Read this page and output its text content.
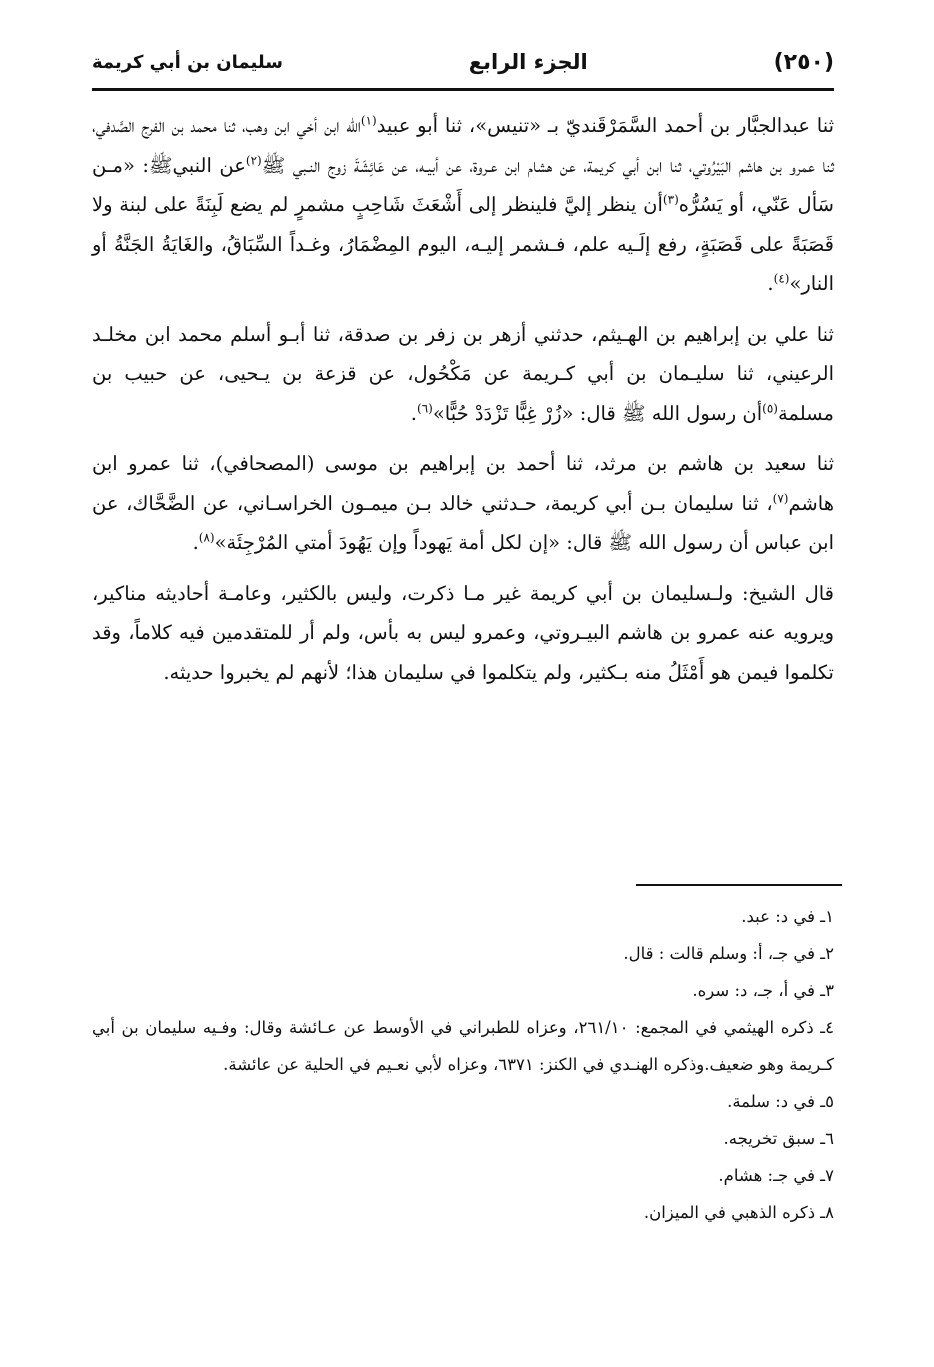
(٢٥٠)
الجزء الرابع
سليمان بن أبي كريمة

ثنا عبدالجبَّار بن أحمد السَّمَرْقَنديّ بـ «تنيس»، ثنا أبو عبيد$^{(١)}$الله ابن أخي ابن وهب، ثنا محمد بن الفرج الصَّدفي، ثنا عمرو بن هاشم البَيْرُوتي، ثنا ابن أبي كريمة، عن هشام ابن عـروة، عن أبيـه، عن عَائِشَةَ زوج النـبي ﷺ$^{(٢)}$عن النبيﷺ: «مـن سَأل عَنّي، أو يَسُرُّه$^{(٣)}$أن ينظر إليَّ فلينظر إلى أَشْعَثَ شَاحِبٍ مشمرٍ لم يضع لَبِنَةً على لبنة ولا قَصَبَةً على قَصَبَةٍ، رفع إلَـيه علم، فـشمر إليـه، اليوم المِضْمَارُ، وغـداً السِّبَاقُ، والغَايَةُ الجَنَّةُ أو النار»$^{(٤)}$.

ثنا علي بن إبراهيم بن الهـيثم، حدثني أزهر بن زفر بن صدقة، ثنا أبـو أسلم محمد ابن مخلـد الرعيني، ثنا سليـمان بن أبي كـريمة عن مَكْحُول، عن قزعة بن يـحيى، عن حبيب بن مسلمة$^{(٥)}$أن رسول الله ﷺ قال: «زُرْ غِبًّا تَزْدَدْ حُبًّا»$^{(٦)}$.

ثنا سعيد بن هاشم بن مرثد، ثنا أحمد بن إبراهيم بن موسى (المصحافي)، ثنا عمرو ابن هاشم$^{(٧)}$، ثنا سليمان بـن أبي كريمة، حـدثني خالد بـن ميمـون الخراسـاني، عن الضَّحَّاك، عن ابن عباس أن رسول الله ﷺ قال: «إن لكل أمة يَهوداً وإن يَهُودَ أمتي المُرْجِئَة»$^{(٨)}$.

قال الشيخ: ولـسليمان بن أبي كريمة غير مـا ذكرت، وليس بالكثير، وعامـة أحاديثه مناكير، ويرويه عنه عمرو بن هاشم البيـروتي، وعمرو ليس به بأس، ولم أر للمتقدمين فيه كلاماً، وقد تكلموا فيمن هو أَمْثَلُ منه بـكثير، ولم يتكلموا في سليمان هذا؛ لأنهم لم يخبروا حديثه.

١ـ في د: عبد.

٢ـ في جـ، أ: وسلم قالت : قال.

٣ـ في أ، جـ، د: سره.

٤ـ ذكره الهيثمي في المجمع: ٢٦١/١٠، وعزاه للطبراني في الأوسط عن عـائشة وقال: وفـيه سليمان بن أبي كـريمة وهو ضعيف.وذكره الهنـدي في الكنز: ٦٣٧١، وعزاه لأبي نعـيم في الحلية عن عائشة.

٥ـ في د: سلمة.

٦ـ سبق تخريجه.

٧ـ في جـ: هشام.

٨ـ ذكره الذهبي في الميزان.
